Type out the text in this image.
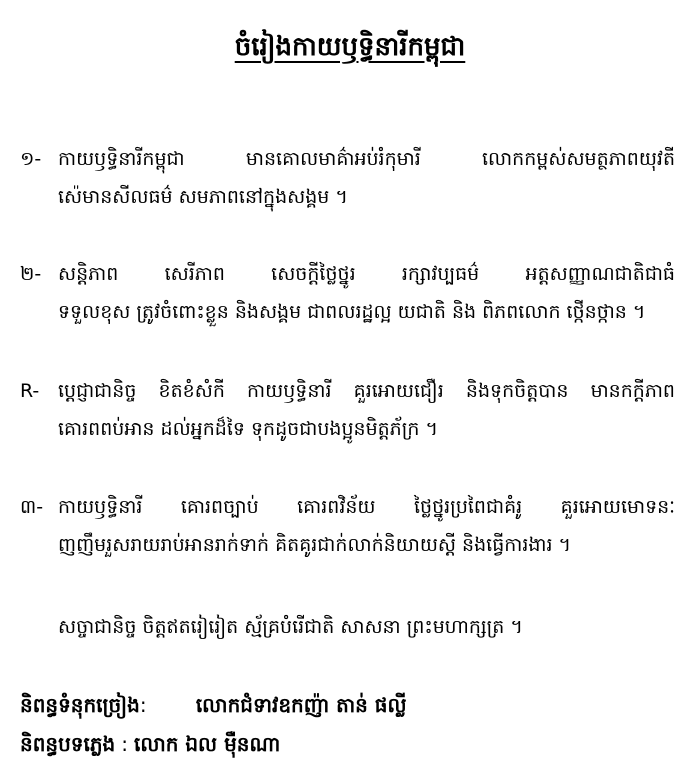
ចំរៀងកាយឫទ្ធិនារីកម្ពុជា
១- កាយឫទ្ធិនារីកម្ពុជា មានគោលមាគ៌ាអប់រំកុមារី លោកកម្ពស់សមត្ថភាពយុវតី
ស៉េមានសីលធម៌ សមភាពនៅក្នុងសង្គម ។
២- សន្តិភាព សេរីភាព សេចក្តីថ្លៃថ្នូរ រក្សាវប្បធម៌ អត្តសញ្ញាណជាតិជាធំ
ទទួលខុស ត្រូវចំពោះខ្លួន និងសង្គម ជាពលរដ្ឋល្អ យជាតិ និង ពិភពលោក ថ្កើនថ្កាន ។
R- ប្តេជ្ញាជានិច្ច ខិតខំសំកី កាយឫទ្ធិនារី គួរអោយជឿរ និងទុកចិត្តបាន មានកក្តីភាព
គោរពពប់អាន ដល់អ្នកដ៏ទៃ ទុកដូចជាបងប្អូនមិត្តភ័ក្រ ។
៣- កាយឫទ្ធិនារី គោរពច្បាប់ គោរពវិន័យ ថ្លៃថ្នូរប្រពៃជាគំរូ គួរអោយមោទនៈ
ញញឹមរួសរាយរាប់អានរាក់ទាក់ គិតគូរជាក់លាក់និយាយស្តី និងធ្វើការងារ ។
សច្ចាជានិច្ច ចិត្តឥតរៀរៀត ស្ម័គ្របំរើជាតិ សាសនា ព្រះមហាក្សត្រ ។
និពន្ធទំនុកច្រៀង: លោកជំទាវឧកញ៉ា តាន់ ផល្លី
និពន្ធបទភ្លេង : លោក ឯល ម៉ឺនណា
